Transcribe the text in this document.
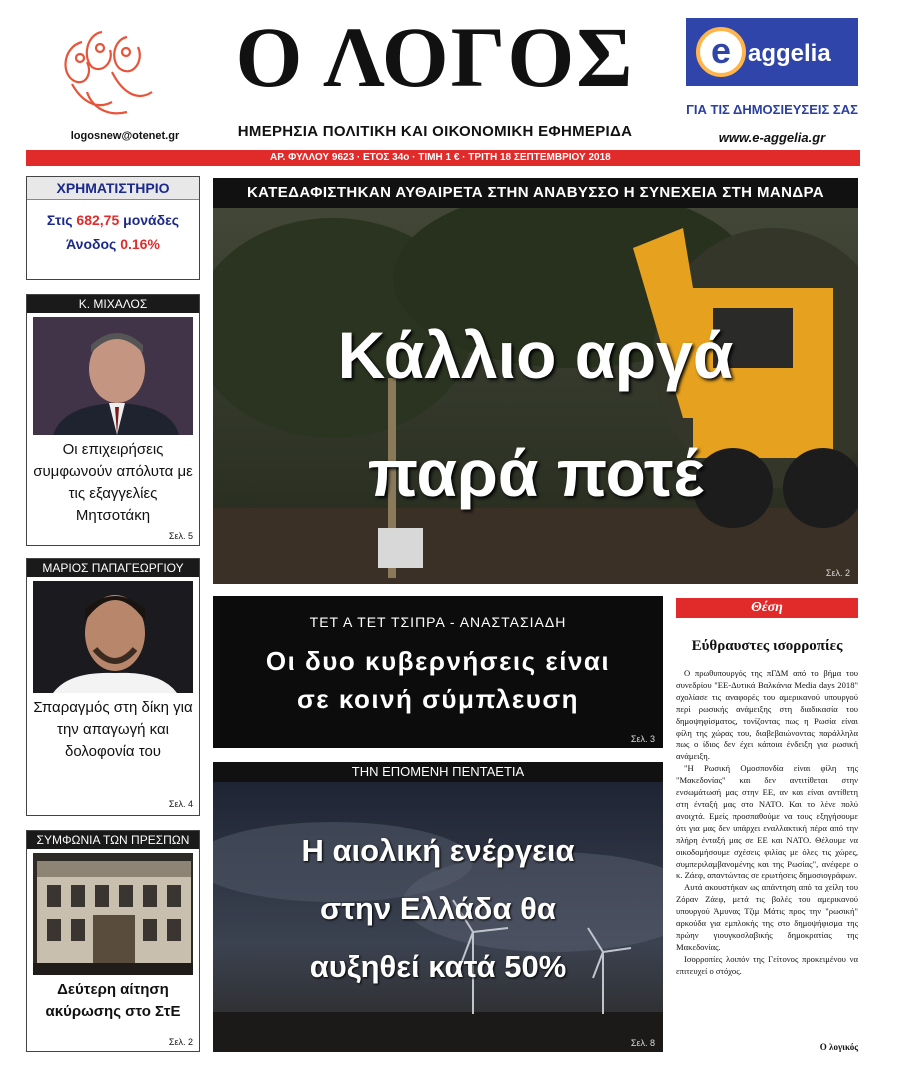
logosnew@otenet.gr
Ο ΛΟΓΟΣ
ΗΜΕΡΗΣΙΑ ΠΟΛΙΤΙΚΗ ΚΑΙ ΟΙΚΟΝΟΜΙΚΗ ΕΦΗΜΕΡΙΔΑ
e aggelia
ΓΙΑ ΤΙΣ ΔΗΜΟΣΙΕΥΣΕΙΣ ΣΑΣ
www.e-aggelia.gr
ΑΡ. ΦΥΛΛΟΥ 9623 · ΕΤΟΣ 34ο · ΤΙΜΗ 1 € · ΤΡΙΤΗ 18 ΣΕΠΤΕΜΒΡΙΟΥ 2018
ΧΡΗΜΑΤΙΣΤΗΡΙΟ
Στις 682,75 μονάδες
Άνοδος 0.16%
Κ. ΜΙΧΑΛΟΣ
Οι επιχειρήσεις συμφωνούν απόλυτα με τις εξαγγελίες Μητσοτάκη
Σελ. 5
ΜΑΡΙΟΣ ΠΑΠΑΓΕΩΡΓΙΟΥ
Σπαραγμός στη δίκη για την απαγωγή και δολοφονία του
Σελ. 4
ΣΥΜΦΩΝΙΑ ΤΩΝ ΠΡΕΣΠΩΝ
Δεύτερη αίτηση ακύρωσης στο ΣτΕ
Σελ. 2
ΚΑΤΕΔΑΦΙΣΤΗΚΑΝ ΑΥΘΑΙΡΕΤΑ ΣΤΗΝ ΑΝΑΒΥΣΣΟ Η ΣΥΝΕΧΕΙΑ ΣΤΗ ΜΑΝΔΡΑ
Κάλλιο αργά
παρά ποτέ
Σελ. 2
ΤΕΤ Α ΤΕΤ ΤΣΙΠΡΑ - ΑΝΑΣΤΑΣΙΑΔΗ
Οι δυο κυβερνήσεις είναι
σε κοινή σύμπλευση
Σελ. 3
ΤΗΝ ΕΠΟΜΕΝΗ ΠΕΝΤΑΕΤΙΑ
Η αιολική ενέργεια
στην Ελλάδα θα
αυξηθεί κατά 50%
Σελ. 8
Θέση
Εύθραυστες ισορροπίες

Ο πρωθυπουργός της πΓΔΜ από το βήμα του συνεδρίου "ΕΕ-Δυτικά Βαλκάνια Media days 2018" σχολίασε τις αναφορές του αμερικανού υπουργού περί ρωσικής ανάμειξης στη διαδικασία του δημοψηφίσματος, τονίζοντας πως η Ρωσία είναι φίλη της χώρας του, διαβεβαιώνοντας παράλληλα πως ο ίδιος δεν έχει κάποια ένδειξη για ρωσική ανάμειξη.

"Η Ρωσική Ομοσπονδία είναι φίλη της "Μακεδονίας" και δεν αντιτίθεται στην ενσωμάτωσή μας στην ΕΕ, αν και είναι αντίθετη στη ένταξή μας στο ΝΑΤΟ. Και το λένε πολύ ανοιχτά. Εμείς προσπαθούμε να τους εξηγήσουμε ότι για μας δεν υπάρχει εναλλακτική πέρα από την πλήρη ένταξή μας σε ΕΕ και ΝΑΤΟ. Θέλουμε να οικοδομήσουμε σχέσεις φιλίας με όλες τις χώρες, συμπεριλαμβανομένης και της Ρωσίας", ανέφερε ο κ. Ζάεφ, απαντώντας σε ερωτήσεις δημοσιογράφων.

Αυτά ακουστήκαν ως απάντηση από τα χείλη του Ζόραν Ζάεφ, μετά τις βολές του αμερικανού υπουργού Άμυνας Τζιμ Μάτις προς την "ρωσική" αρκούδα για εμπλοκής της στο δημοψήφισμα της πρώην γιουγκοσλαβικής δημοκρατίας της Μακεδονίας.

Ισορροπίες λοιπόν της Γείτονος προκειμένου να επιτευχεί ο στόχος.

Ο λογικός
